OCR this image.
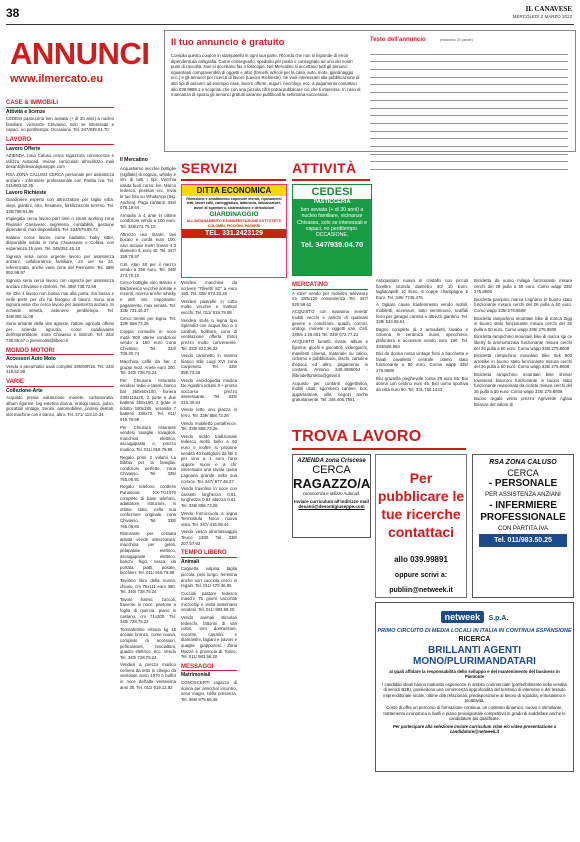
38	IL CANAVESE
MERCOLEDÌ 2 MARZO 2022
ANNUNCI
www.ilmercato.eu
Il tuo annuncio è gratuito
Compila questo coupon in stampatello in ogni sua parte. Ricorda che non si risponde di errori dipendenti da calligrafia. Come consegnarlo: spedisilo per posta o consegnalo ad uno dei nostri punti di raccolta. Non si accettano fax o fotocopie. Nel Mercatino si accettano tutti gli annunci riguardanti compravendita di oggetti e altro (fornelli, articoli per la casa, auto, moto, giardinaggio ecc.) e gli annunci per ricerca di lavoro (Lavoro Richieste). Se vuoi interessarti alla pubblicazione di altri tipi di annunci ad esempio case, lavoro offerte, auguri, necrologi, ecc. a pagamento contattaci allo 039.9989.1 e scoprirai che con una piccola cifra potrai pubblicare ciò che ti interessa. In caso di mancanza di spazio gli annunci gratuiti saranno pubblicati la settimana successiva.
Testo dell'annuncio	(massimo 20 parole)
CASE & IMMOBILI
Attività e licenze

CEDESI pasticceria ben avviata (+ di 30 anni) a nucleo familiare, vicinanze Chivasso, solo se interessati e capaci, no perditempo. Occasione. Tel. 347/939.04.70

LAVORO
Lavoro Offerte

AZIENDA zona Caluso cerca ragazzo/a conoscenza e utilizzo Autocad. Inviare curriculum all'indirizzo mail desanti@desantigiuseppe.com

RSA ZONA CALUSO CERCA personale per assistenza anziani - infermiere professionale con Partita Iva. Tel. 011/983.50.25

Lavoro Richieste

Giardiniere esperto con attrezzature per taglio erba, siepi, giardini, orto, fresature, fertilizzazioni terreno. Tel. 335/769.81.95

Impiegata cerca lavoro part time o smart working zona Rivarolo Canavese: segreteria, contabilità, gestione dipendenti, max disponibilità. Tel. 334/579.85.73

Italiana cerca lavoro come badante, baby sitter, disponibile subito in zona Chivassese e Collina, con esperienza 15 anni. Tel. 349/351.45.18

Signora seria cerca urgente lavoro per assistenza anziani, collaboratrice familiare, 24 ore su 24, referenziata, anche varie zone del Piemonte. Tel. 388/ 852.98.97

Signora seria cerca lavoro con urgenza per assistenza anziani Chivasso e dintorni. Tel. 388/ 738.72.68

Se Che il lavoro non bussa mai alla porta, ma bussa e nelle porte per chi ha bisogno di lavoro. Sono una signora seria che cerca lavoro per assistenza anziani. Si richiede serietà, astenersi perditempo. Tel. 349/305.11.08

Sono amante della vita agreste, fattore agricola offresi per azienda agricola, come coadiuvante dell'imprenditore, zona Chivasso e limitrofi. Tel. 333/ 730.95.67 o piervino55@libero.it

MONDO MOTORI
Accessori Auto Moto

Vendo 4 pneumatici usati completi 195/60R15. Tel. 333/ 418.52.98

VARIE
Collezione-Arte

Acquisto previa valutazione monete, cartamoneta, album figurine, big estetica donna, orologi tasca, polso, giocattoli vintage, trenini, automobiline, protesi dentali, slot machine con il banco, altro. Tel. 371/ 115.10.34

Il Mercatino

Acquistiamo vecchie bottiglie (sigillate) di cognac, whisky e vini di tutti i tipi. Vecchia valuta fuori corso: lire, Marco tedesco, pesetas ecc. Invia le tue foto su WhatsApp (Sig. Andrea). Pago contanti. 349/ 078.19.64

Armadio a 4 ante in ottime condizioni vendo a 100 euro. Tel. 349/274.70.10

Attrezzo uso tirante, tavi bocaio e corda euro 100, cavi acciaio metri lineari 4,3 diametro 6, euro 40. Tel. 347/ 159.78.97

C.B. Alan 48 per il mezzo vendo a 250 euro. Tel. 349/ 274.70.10

Cerco bottiglie vino Barolo e Barbaresco vecchie annate e recenti, ricerca anche whisky e altri vini. Importante: pagamento, max serietà. Tel. 335/ 731.16.27

Cerco trenini per legno. Tel. 339/ 858.73.26

Coppia comodini in noce metà '800 ottime condizioni vendo a 150 euro zona Chivasso. Tel. 333/ 706.20.74

Macchina caffè da bar 2 gruppi mod. Ariete euro 200. Tel. 340/ 728.75.24

Per Chiusura ristorante vendesi tedie e tavoli, banco bar 260x60x100, fioriera 230x110x25, 2 porte e due battenti 260x150, 2 grate in ridotto 180x180, veranda 7 battenti 230x72. Tel. 011/ 919.79.98

Per Chiusura ristorante vendesi tovaglie, tovaglioli, macchina elettrica, asciugapasta e, prezzo modico. Tel. 011/ 919.79.98

Regalo primi 2 volumi La Bibbia per la famiglia, condizioni perfette, zona Chivasso. Tel. 335/ 765.05.91

Regalo telefono cordless Panasonic KX-TG1070 completo di base telefono, adattatore, istruzioni, in ottime stato, nella sua confezione originale, zona Chivasso. Tel. 338/ 765.05.91

Ristorante per cessata attività vende attrezzatura: macchina per gelati, pelapatate elettrico, asciugapaste elettrico, banchi frigo, vasca da portata, piatti, posate, bicchieri. Tel. 011/ 919.79.98

Tavolino libro della nonna, chiuso, cm 75x111 euro 380. Tel. 340/ 728.75.24

Tavolo fratino, zoccoli, traverse in noce, pantone a foglia di quercia, piano in castano, cm 71x200. Tel. 340/ 728.75.24

Tornitafettine Vittoria kg 15 acciaio bronzo, come nuova, completo di accessori, pellicolatore, brucialtani, quadro elettrico, ecc. Vendo Tel. 340/ 728.75.24

Vendesi a prezzo modico cemera da letto in ciliegio da vetriolare anno 1970 e buffet in noce dell'alta ventesima anni 30. Tel. 011/ 919.12.82

SERVIZI
DITTA ECONOMICA
Rimozione e smaltimento coperture eternit, riposamenti tetti, lavori edili, carteggiatura, lattoneria, imbiancature, lavori di sgombero, sistemazione e demolizioni
GIARDINAGGIO
ALLONTANAMENTO E DISINFESTAZIONE SOTTOTETTI COLOMBI, PICCIONI, PASSERI
TEL. 331.2423129

Vendesi macchina da scrivere "Olivetti 82" a euro 150. Tel. 328/ 673.33.26

Vendesi pastrelle in cotto molto vecchie e mattoni vecchi. Tel. 011/ 919.79.98

Vendesi stufa a legna tipo Splendid con acqua fino a 2 caraboli, bollitura, cono di ventilazione offerta (foto) prezzo molto conveniente. Tel. 333/ 823.36.32

Vendo caminetto in marmo bianco stile Luigi XVI zona Carpeneto. Tel. 339/ 858.73.26

Vendo enciclopedia medica De Agostini volumi 8 + pronto soccorso prezzo interessante. Tel. 339/ 215.30.84

Vendo letto uno piazza in ferro. Tel. 339/ 858.73.26

Vendo mobiletto portafrecce. Tel. 339/ 858.73.26

Vendo reddo tradizionale tedesco molto bello a 60 euro e inoltre si propone vendita 40 bottiglioni da litri 2 per vino a 1 euro l'uno oppure nuovi e a chi' interessato una tavola quota Lagnana grande nella sua cornice. Tel. 347/ 977.48.37

Vendo travolino in noce con cassetti larghezza 0,51, lunghezza 0,83 altezza 0,81. Tel. 339/ 858.73.26

Vendo formiccuola a legna Termostufa Noca nuova vista. Tel. 347/ 416.08.44

Vendo vasca idromassaggio Teuco 1200. Tel. 338/ 207.57.93

TEMPO LIBERO
Animali

Cagnetta volpina taglia piccola, pelo lungo, femmina anche non cucciola cerco in regalo. Tel. 011/ 470.36.96

Cuccioli pastore tedesco maschi 75 giorni vaccinati microchip e visita veterinario vendesi. Tel. 011/ 983.58.20

Vendo animali stimolari tedeschi, fattorini di vari colori, toro dormentore, cocorite, canarini e diamantini, fagiani e pavoni e quaglie giapponesi. Zona Mazzé e provincia di Torino. Tel. 011/ 983.56.20

MESSAGGI
Matrimoniali

CONOSCERTI ragazzo di donna per amicizia/ incontro, sono magro, bella presenza. Tel. 366/ 975.66.48

ATTIVITÀ
CEDESI
PASTICCERIA
ben avviata (+ di 30 anni) a nucleo familiare, vicinanze Chivasso, solo se interessati e capaci, no perditempo. OCCASIONE.
Tel. 347/939.04.70
MERCATINO

A Cirie' vendo per mobilizo televisore Irn 180x120 convenienza Tel. 347/ 920.59.62

ACQUISTO con massima serieta' mobili vecchi e antichi di qualsiasi genere e condizioni, quadri, cornici, orologi, monete e oggetti vari. Cell. 349/6 1 25.061 Tel. 039/ 672.77.22

ACQUISTO fumetti, riviste, album e figurine, giochi e giocattoli, videogiochi, manifesti cinema, materiale su calcio, ciclismo e pubblicitario, dischi, cartoline d'epoca ed altro, pagamento in contanti. Antonio 349.4086064 - illibrodelfumetto@gmail.it

Acquisto per contanti oggettistica, mobili usati, sgombero cantine, box, appartamenti, ville, negozi anche gratuitamente. Tel. 346.405.7661

Antiquariato nuova in cristallo con piccoli fiorellini rotonda diametro 30/ 10 Euro, tagliacapelli 10 Euro, 6 coppe champagne 5 Euro. Tel. 349/ 7745.476

A Ogliaro cause trasferimento vendo mobili, mobiletti, accessori, tutto seminuovo, scaffali ferro per garage/ cantina e attrezzi giardino. Tel. 338/ 534.59.61

Bagno completo di 2 armadietti, lavabo e colonna in ceramica nuovi, specchiera, plafoniera e accessori vendo euro 190. Tel. 333/826.984

Bici da donna rossa vintage freni a bacchetta e fanali cavalletto centrale ottimo stato funzionante a 90 euro. Cornio wapp 335/ 275.8608

Bici graziella pieghevole rossa 28 euro 65. Boi donna con cestino euro 45. Bici uomo sportiva da città euro 50. Tel. 331.760.1443

Bicicletta da uomo milaga funzionante misura cerchi del 28 pulla a 50 euro. Como wapp 335/ 275.8608

Bicicletta pampino marca Legnano in buono stato funzionante misura cerchi del 26 pulla a 60 euro. Como wapp 335/ 275.8608

Bicicletta rampichino mountain bike di marca Zigg in buono stato funzionante misura cerchi del 26 pulla a 50 euro. Como wapp 335/ 275.8608

Bicicletta rampichino mountain bike di marca spi ce liberty bi ammortizzata funzionante misura cerchi del 26 pulla a 60 euro. Como wapp 335/ 275.8608

Bicicletta rampichino mountain bike trek 800 arrebike in buono stato funzionante misura cerchi del 26 pulla a 50 euro. Como wapp 335/ 275.8608

Bicicletta rampichino mountain bike shimar townsend bianconi funzionante in buono stato funzionante revisionata da ciclista misura cerchi del 26 pulla a 50 euro. Como wapp 335/ 275.8608

Buono regalo vento prezzo Agriverde Aglaia Brianza del valore di

TROVA LAVORO
AZIENDA zona Criscese
CERCA
RAGAZZO/A
conoscenza e utilizzo Autocad.
Inviare curriculum all'indirizzo mail
desanti@desantigiuseppe.com
Per pubblicare le tue ricerche contattaci
allo 039.99891
oppure scrivi a:
publiin@netweek.it
RSA ZONA CALUSO
CERCA
- PERSONALE
PER ASSISTENZA ANZIANI
- INFERMIERE
PROFESSIONALE
CON PARTITA IVA
Tel. 011/983.50.25
netweek S.p.A.
PRIMO CIRCUITO DI MEDIA LOCALI IN ITALIA IN CONTINUA ESPANSIONE
RICERCA
BRILLANTI AGENTI MONO/PLURIMANDATARI
ai quali affidare la responsabilità dello sviluppo e del mantenimento del business in Piemonte
I candidati ideali hanno maturato esperienze in ambito commerciale (preferibilmente nella vendita di servizi B2B), possiedono una conoscenza approfondita del territorio di interesse e del tessuto imprenditoriale locale, ottime doti relazionali, predisposizione al lavoro di squadra, entusiasmo e proattività.
Costo di offre un percorso di formazione continua, un contesto dinamico, nuovo e stimolante, trattamento economico a livelli e piano provvigionale competitivo in grado di soddisfare anche le candidature più qualificate.
Per partecipare alla selezione inviare curriculum vitae e/o video-presentazione a candidature@netweek.it
